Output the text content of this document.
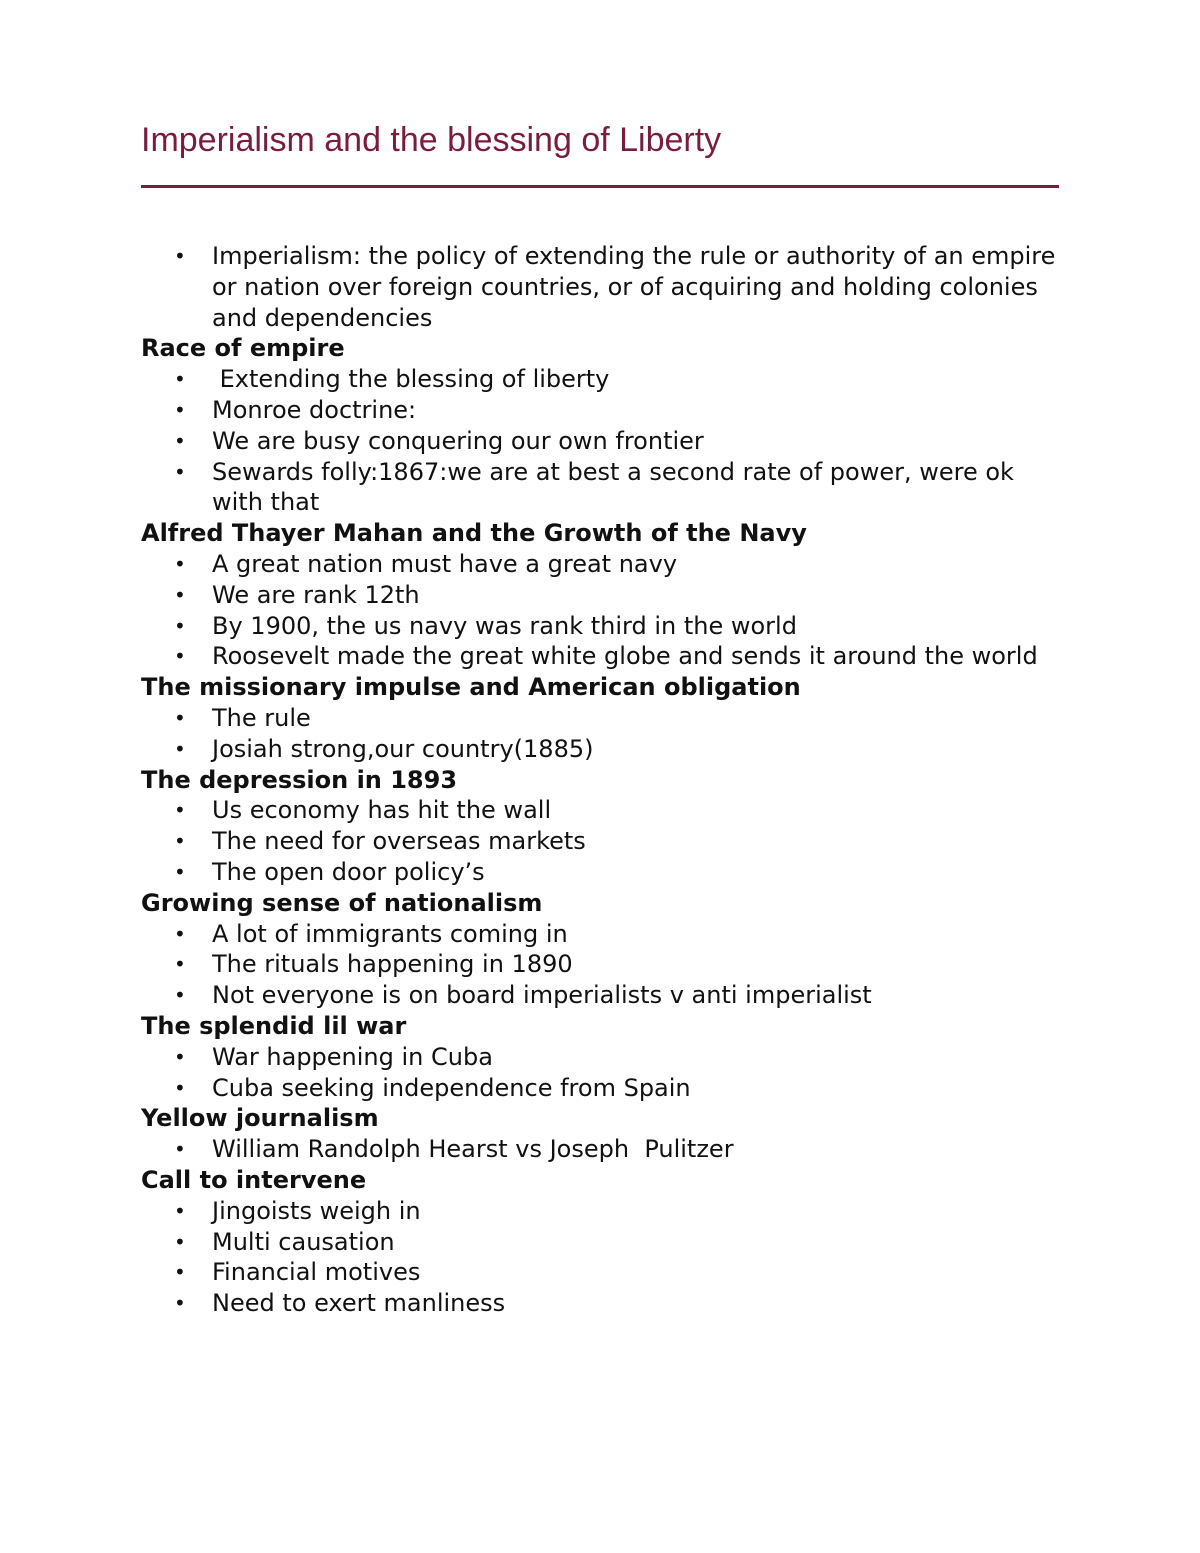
Imperialism and the blessing of Liberty
• Imperialism: the policy of extending the rule or authority of an empire or nation over foreign countries, or of acquiring and holding colonies and dependencies
Race of empire
• Extending the blessing of liberty
• Monroe doctrine:
• We are busy conquering our own frontier
• Sewards folly:1867:we are at best a second rate of power, were ok with that
Alfred Thayer Mahan and the Growth of the Navy
• A great nation must have a great navy
• We are rank 12th
• By 1900, the us navy was rank third in the world
• Roosevelt made the great white globe and sends it around the world
The missionary impulse and American obligation
• The rule
• Josiah strong,our country(1885)
The depression in 1893
• Us economy has hit the wall
• The need for overseas markets
• The open door policy’s
Growing sense of nationalism
• A lot of immigrants coming in
• The rituals happening in 1890
• Not everyone is on board imperialists v anti imperialist
The splendid lil war
• War happening in Cuba
• Cuba seeking independence from Spain
Yellow journalism
• William Randolph Hearst vs Joseph  Pulitzer
Call to intervene
• Jingoists weigh in
• Multi causation
• Financial motives
• Need to exert manliness
